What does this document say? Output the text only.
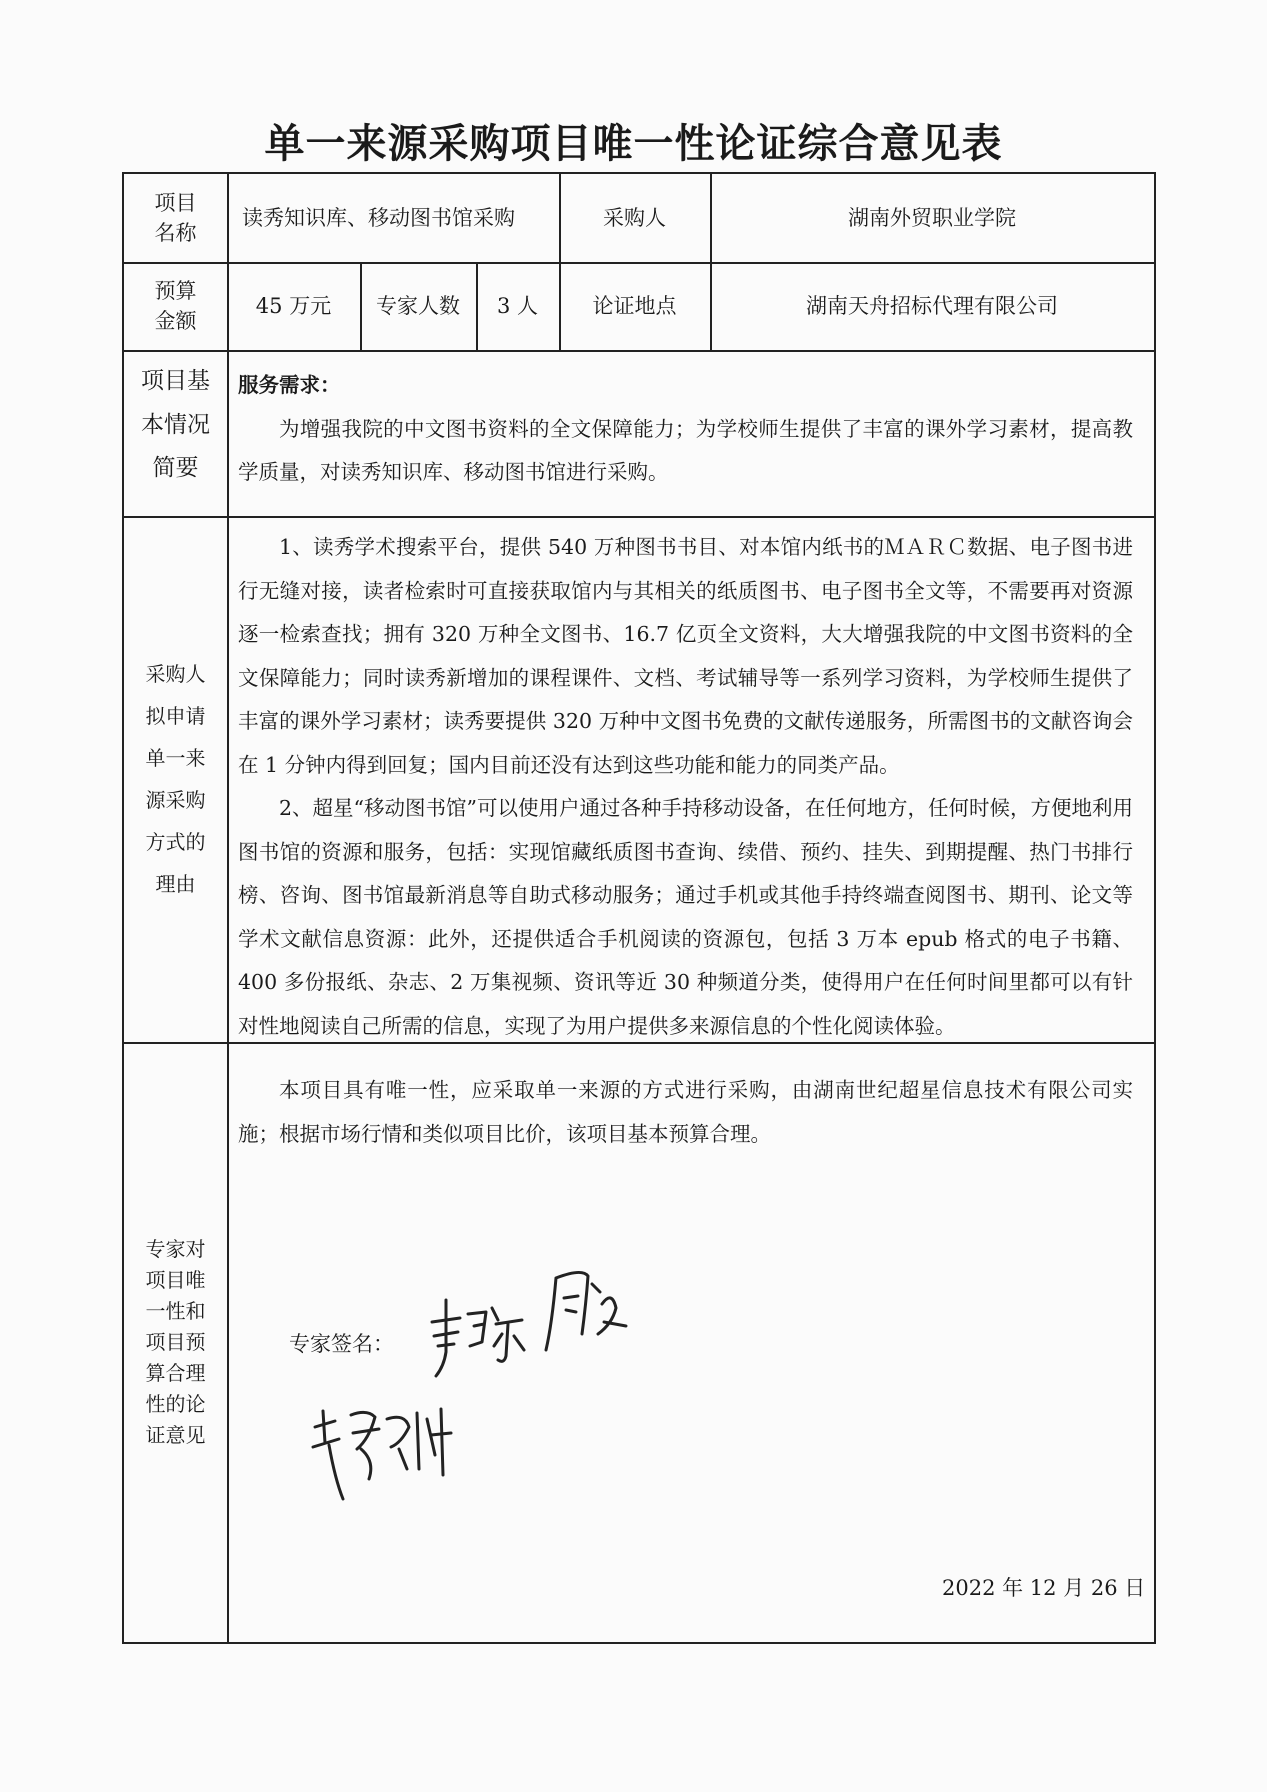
单一来源采购项目唯一性论证综合意见表
项目
名称
读秀知识库、移动图书馆采购	采购人	湖南外贸职业学院
预算
金额
45 万元	专家人数	3 人	论证地点	湖南天舟招标代理有限公司
项目基
本情况
简要
服务需求：

为增强我院的中文图书资料的全文保障能力；为学校师生提供了丰富的课外学习素材，提高教学质量，对读秀知识库、移动图书馆进行采购。

采购人
拟申请
单一来
源采购
方式的
理由

1、读秀学术搜索平台，提供 540 万种图书书目、对本馆内纸书的ＭＡＲＣ数据、电子图书进行无缝对接，读者检索时可直接获取馆内与其相关的纸质图书、电子图书全文等，不需要再对资源逐一检索查找；拥有 320 万种全文图书、16.7 亿页全文资料，大大增强我院的中文图书资料的全文保障能力；同时读秀新增加的课程课件、文档、考试辅导等一系列学习资料，为学校师生提供了丰富的课外学习素材；读秀要提供 320 万种中文图书免费的文献传递服务，所需图书的文献咨询会在 1 分钟内得到回复；国内目前还没有达到这些功能和能力的同类产品。

2、超星“移动图书馆”可以使用户通过各种手持移动设备，在任何地方，任何时候，方便地利用图书馆的资源和服务，包括：实现馆藏纸质图书查询、续借、预约、挂失、到期提醒、热门书排行榜、咨询、图书馆最新消息等自助式移动服务；通过手机或其他手持终端查阅图书、期刊、论文等学术文献信息资源：此外，还提供适合手机阅读的资源包，包括 3 万本 epub 格式的电子书籍、400 多份报纸、杂志、2 万集视频、资讯等近 30 种频道分类，使得用户在任何时间里都可以有针对性地阅读自己所需的信息，实现了为用户提供多来源信息的个性化阅读体验。

专家对
项目唯
一性和
项目预
算合理
性的论
证意见

本项目具有唯一性，应采取单一来源的方式进行采购，由湖南世纪超星信息技术有限公司实施；根据市场行情和类似项目比价，该项目基本预算合理。

专家签名：
2022 年 12 月 26 日
